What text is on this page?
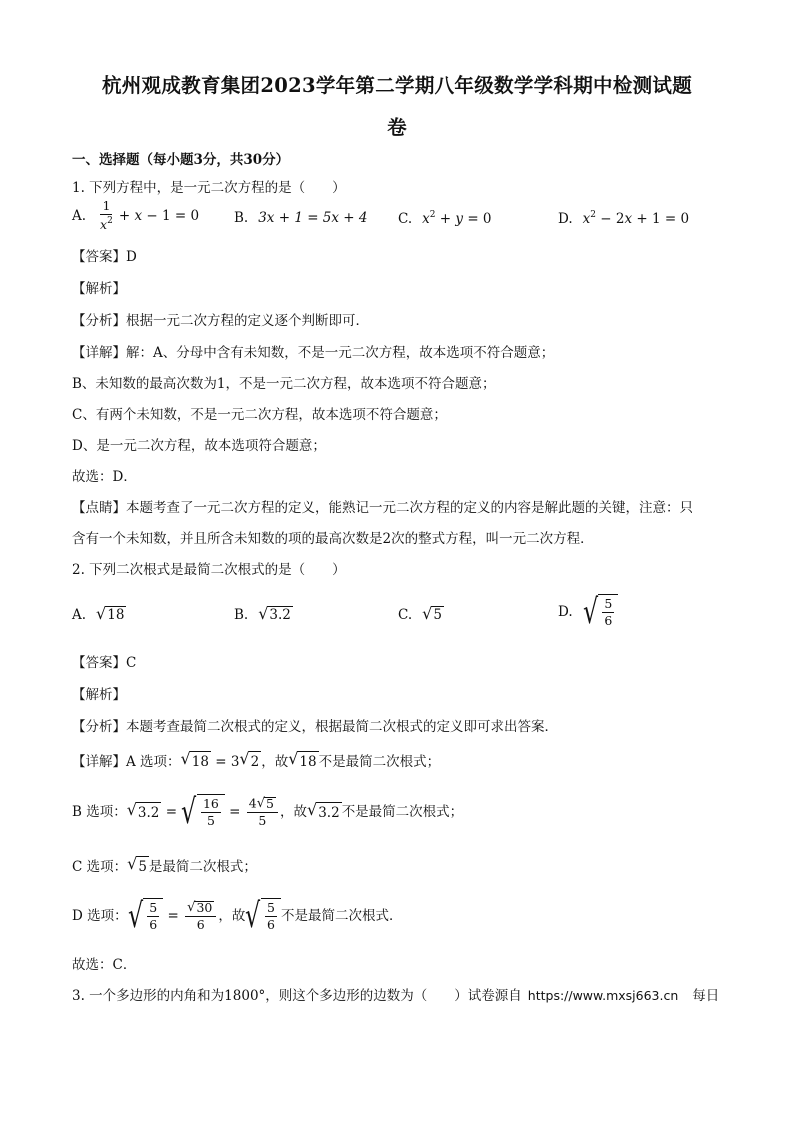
杭州观成教育集团2023学年第二学期八年级数学学科期中检测试题
卷
一、选择题（每小题3分，共30分）
1. 下列方程中，是一元二次方程的是（　　）
A. $\frac{1}{x^2} + x - 1 = 0$	B. 3x + 1 = 5x + 4 C. $x^2 + y = 0$	D. $x^2 - 2x + 1 = 0$
【答案】D
【解析】
【分析】根据一元二次方程的定义逐个判断即可．
【详解】解：A、分母中含有未知数，不是一元二次方程，故本选项不符合题意；
B、未知数的最高次数为1，不是一元二次方程，故本选项不符合题意；
C、有两个未知数，不是一元二次方程，故本选项不符合题意；
D、是一元二次方程，故本选项符合题意；
故选：D．
【点睛】本题考查了一元二次方程的定义，能熟记一元二次方程的定义的内容是解此题的关键，注意：只
含有一个未知数，并且所含未知数的项的最高次数是2次的整式方程，叫一元二次方程．
2. 下列二次根式是最简二次根式的是（　　）
A. √ 18	B. √ 3.2	C. √ 5	D. √ $\frac{5}{6}$
【答案】C
【解析】
【分析】本题考查最简二次根式的定义，根据最简二次根式的定义即可求出答案．
【详解】A 选项： √ 18 = 3 √ 2 ，故 √ 18 不是最简二次根式；
B 选项： √ 3.2 = √ $\frac{16}{5} = \frac{4 √ 5}{5}$ ，故 √ 3.2 不是最简二次根式；
C 选项： √ 5 是最简二次根式；
D 选项： √ $\frac{5}{6} = \frac{√ 30}{6}$ ，故 √ $\frac{5}{6}$ 不是最简二次根式．
故选：C．
3. 一个多边形的内角和为1800°，则这个多边形的边数为（　　）试卷源自 https://www.mxsj663.cn 每日
